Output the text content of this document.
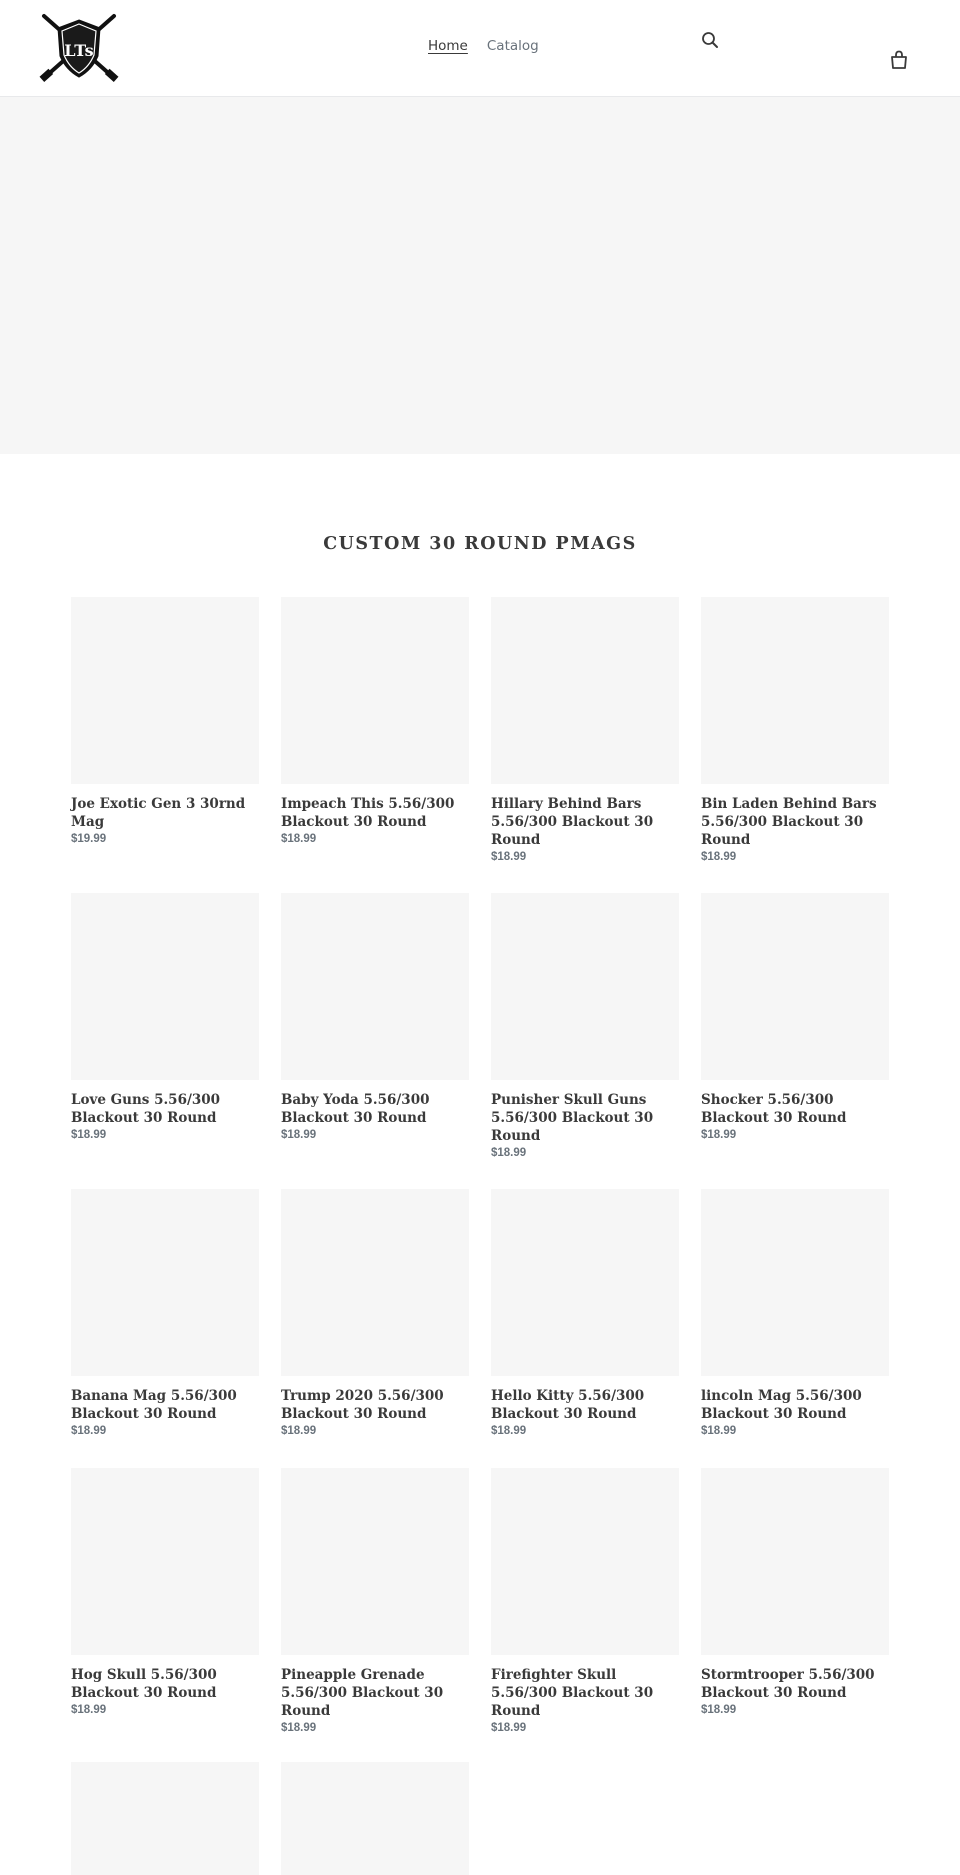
LTs	Home Catalog
CUSTOM 30 ROUND PMAGS
Joe Exotic Gen 3 30rnd Mag
$19.99
Impeach This 5.56/300 Blackout 30 Round
$18.99
Hillary Behind Bars 5.56/300 Blackout 30 Round
$18.99
Bin Laden Behind Bars 5.56/300 Blackout 30 Round
$18.99
Love Guns 5.56/300 Blackout 30 Round
$18.99
Baby Yoda 5.56/300 Blackout 30 Round
$18.99
Punisher Skull Guns 5.56/300 Blackout 30 Round
$18.99
Shocker 5.56/300 Blackout 30 Round
$18.99
Banana Mag 5.56/300 Blackout 30 Round
$18.99
Trump 2020 5.56/300 Blackout 30 Round
$18.99
Hello Kitty 5.56/300 Blackout 30 Round
$18.99
lincoln Mag 5.56/300 Blackout 30 Round
$18.99
Hog Skull 5.56/300 Blackout 30 Round
$18.99
Pineapple Grenade 5.56/300 Blackout 30 Round
$18.99
Firefighter Skull 5.56/300 Blackout 30 Round
$18.99
Stormtrooper 5.56/300 Blackout 30 Round
$18.99
